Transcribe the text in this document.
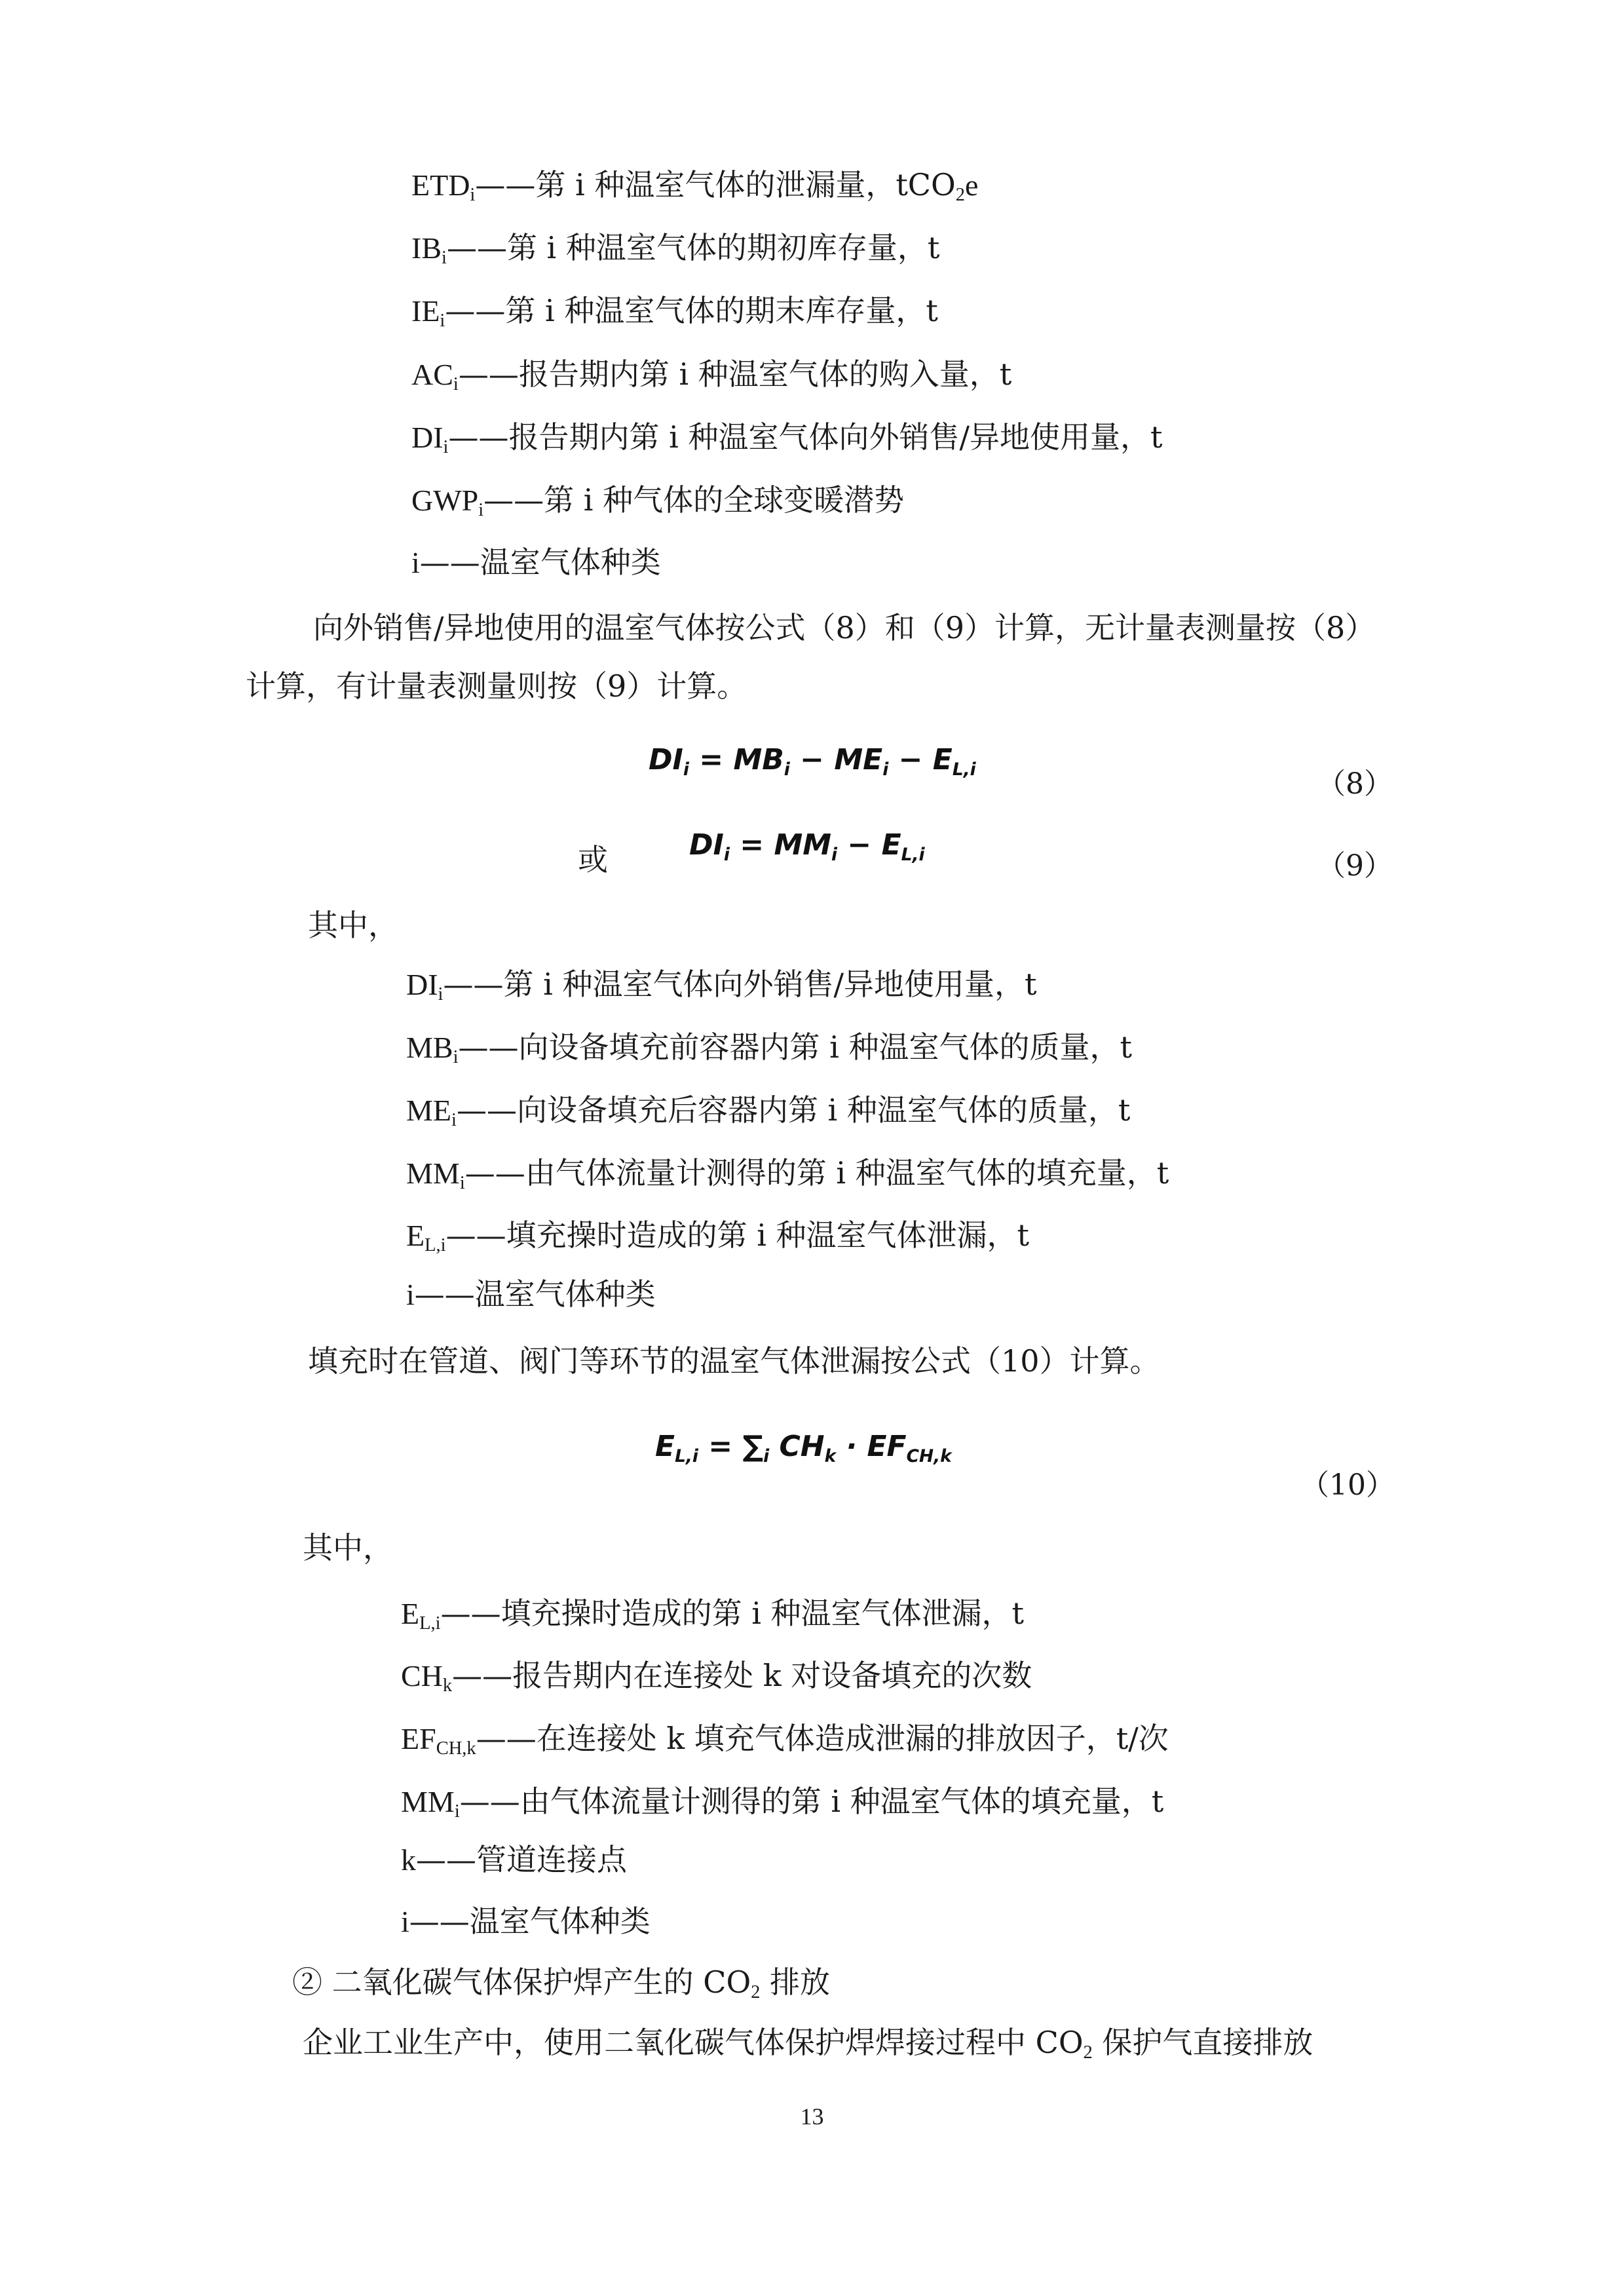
$ETD_i——$第 i 种温室气体的泄漏量，tCO$_2$e
$IB_i——$第 i 种温室气体的期初库存量，t
$IE_i——$第 i 种温室气体的期末库存量，t
$AC_i——$报告期内第 i 种温室气体的购入量，t
$DI_i——$报告期内第 i 种温室气体向外销售/异地使用量，t
$GWP_i——$第 i 种气体的全球变暖潜势
i——温室气体种类
向外销售/异地使用的温室气体按公式（8）和（9）计算，无计量表测量按（8）
计算，有计量表测量则按（9）计算。
$DI_i = MB_i - ME_i - E_{L,i}$	（8）
或	$DI_i = MM_i - E_{L,i}$	（9）
其中，
$DI_i——$第 i 种温室气体向外销售/异地使用量，t
$MB_i——$向设备填充前容器内第 i 种温室气体的质量，t
$ME_i——$向设备填充后容器内第 i 种温室气体的质量，t
$MM_i——$由气体流量计测得的第 i 种温室气体的填充量，t
$E_{L,i}——$填充操时造成的第 i 种温室气体泄漏，t
i——温室气体种类
填充时在管道、阀门等环节的温室气体泄漏按公式（10）计算。
$E_{L,i} = \sum_i$ $CH_k \cdot EF_{CH,k}$
（10）
其中，
$E_{L,i}——$填充操时造成的第 i 种温室气体泄漏，t
$CH_k——$报告期内在连接处 k 对设备填充的次数
$EF_{CH,k}——$在连接处 k 填充气体造成泄漏的排放因子，t/次
$MM_i——$由气体流量计测得的第 i 种温室气体的填充量，t
k——管道连接点
i——温室气体种类
② 二氧化碳气体保护焊产生的 $CO_2$ 排放
企业工业生产中，使用二氧化碳气体保护焊焊接过程中 $CO_2$ 保护气直接排放
13
